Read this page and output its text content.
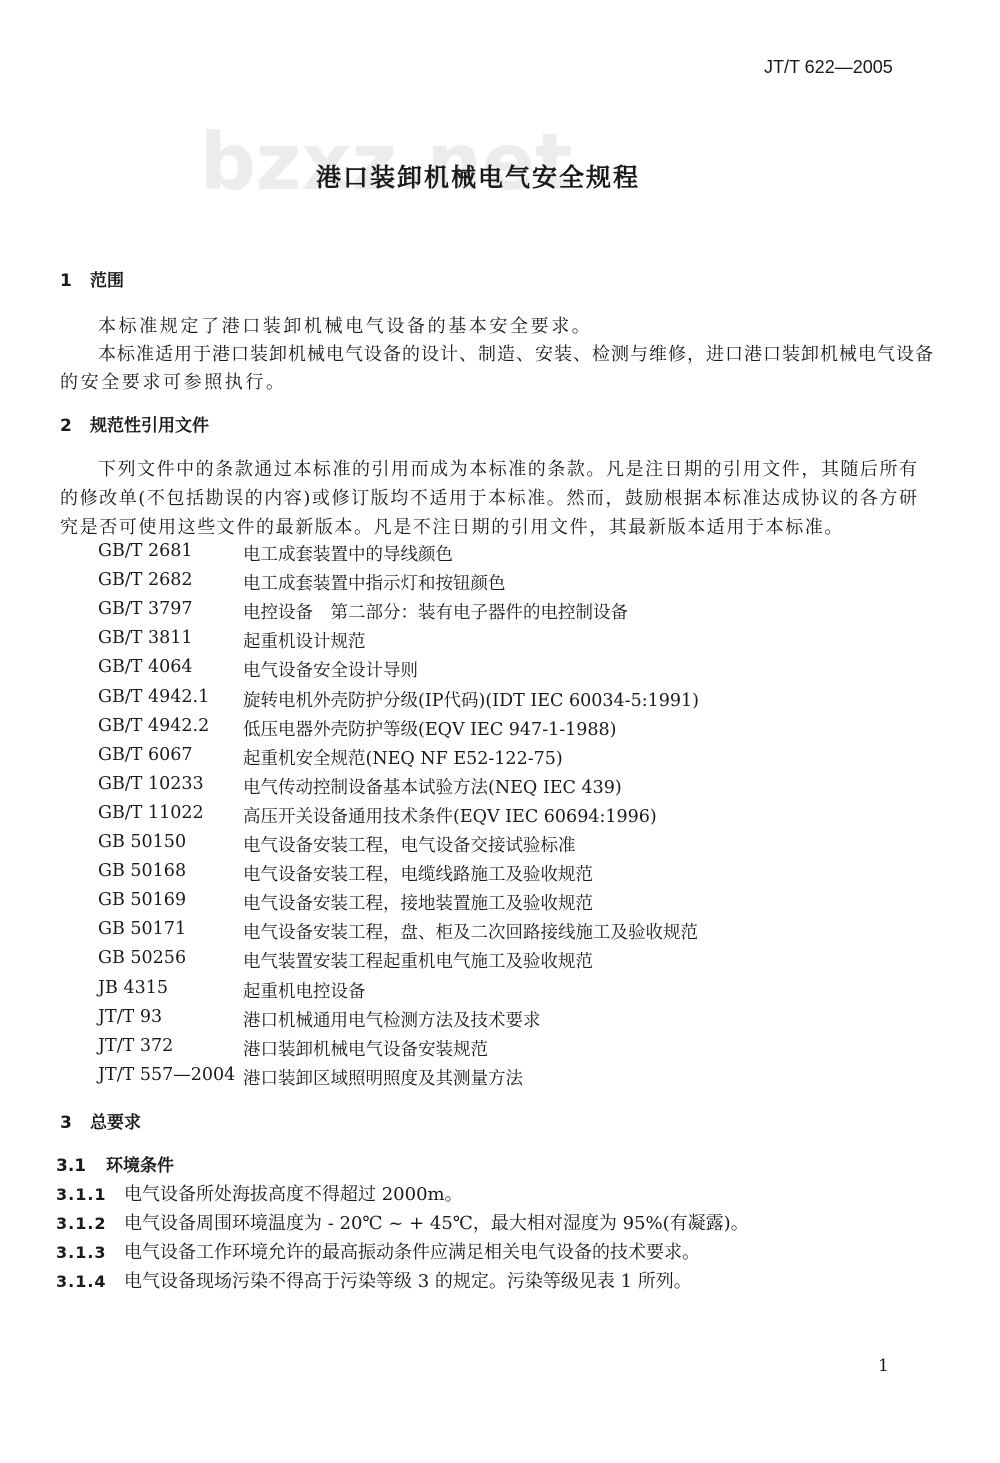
JT/T 622—2005
港口装卸机械电气安全规程
1 范围
本标准规定了港口装卸机械电气设备的基本安全要求。
本标准适用于港口装卸机械电气设备的设计、制造、安装、检测与维修，进口港口装卸机械电气设备
的安全要求可参照执行。
2 规范性引用文件
下列文件中的条款通过本标准的引用而成为本标准的条款。凡是注日期的引用文件，其随后所有
的修改单(不包括勘误的内容)或修订版均不适用于本标准。然而，鼓励根据本标准达成协议的各方研
究是否可使用这些文件的最新版本。凡是不注日期的引用文件，其最新版本适用于本标准。
GB/T 2681	电工成套装置中的导线颜色
GB/T 2682	电工成套装置中指示灯和按钮颜色
GB/T 3797	电控设备　第二部分：装有电子器件的电控制设备
GB/T 3811	起重机设计规范
GB/T 4064	电气设备安全设计导则
GB/T 4942.1 旋转电机外壳防护分级(IP代码)(IDT IEC 60034-5:1991)
GB/T 4942.2 低压电器外壳防护等级(EQV IEC 947-1-1988)
GB/T 6067	起重机安全规范(NEQ NF E52-122-75)
GB/T 10233 电气传动控制设备基本试验方法(NEQ IEC 439)
GB/T 11022 高压开关设备通用技术条件(EQV IEC 60694:1996)
GB 50150	电气设备安装工程，电气设备交接试验标准
GB 50168	电气设备安装工程，电缆线路施工及验收规范
GB 50169	电气设备安装工程，接地装置施工及验收规范
GB 50171	电气设备安装工程，盘、柜及二次回路接线施工及验收规范
GB 50256	电气装置安装工程起重机电气施工及验收规范
JB 4315	起重机电控设备
JT/T 93	港口机械通用电气检测方法及技术要求
JT/T 372	港口装卸机械电气设备安装规范
JT/T 557—2004 港口装卸区域照明照度及其测量方法
3 总要求
3.1 环境条件
3.1.1 电气设备所处海拔高度不得超过 2000m。
3.1.2 电气设备周围环境温度为 - 20℃ ~ + 45℃，最大相对湿度为 95%(有凝露)。
3.1.3 电气设备工作环境允许的最高振动条件应满足相关电气设备的技术要求。
3.1.4 电气设备现场污染不得高于污染等级 3 的规定。污染等级见表 1 所列。
1
